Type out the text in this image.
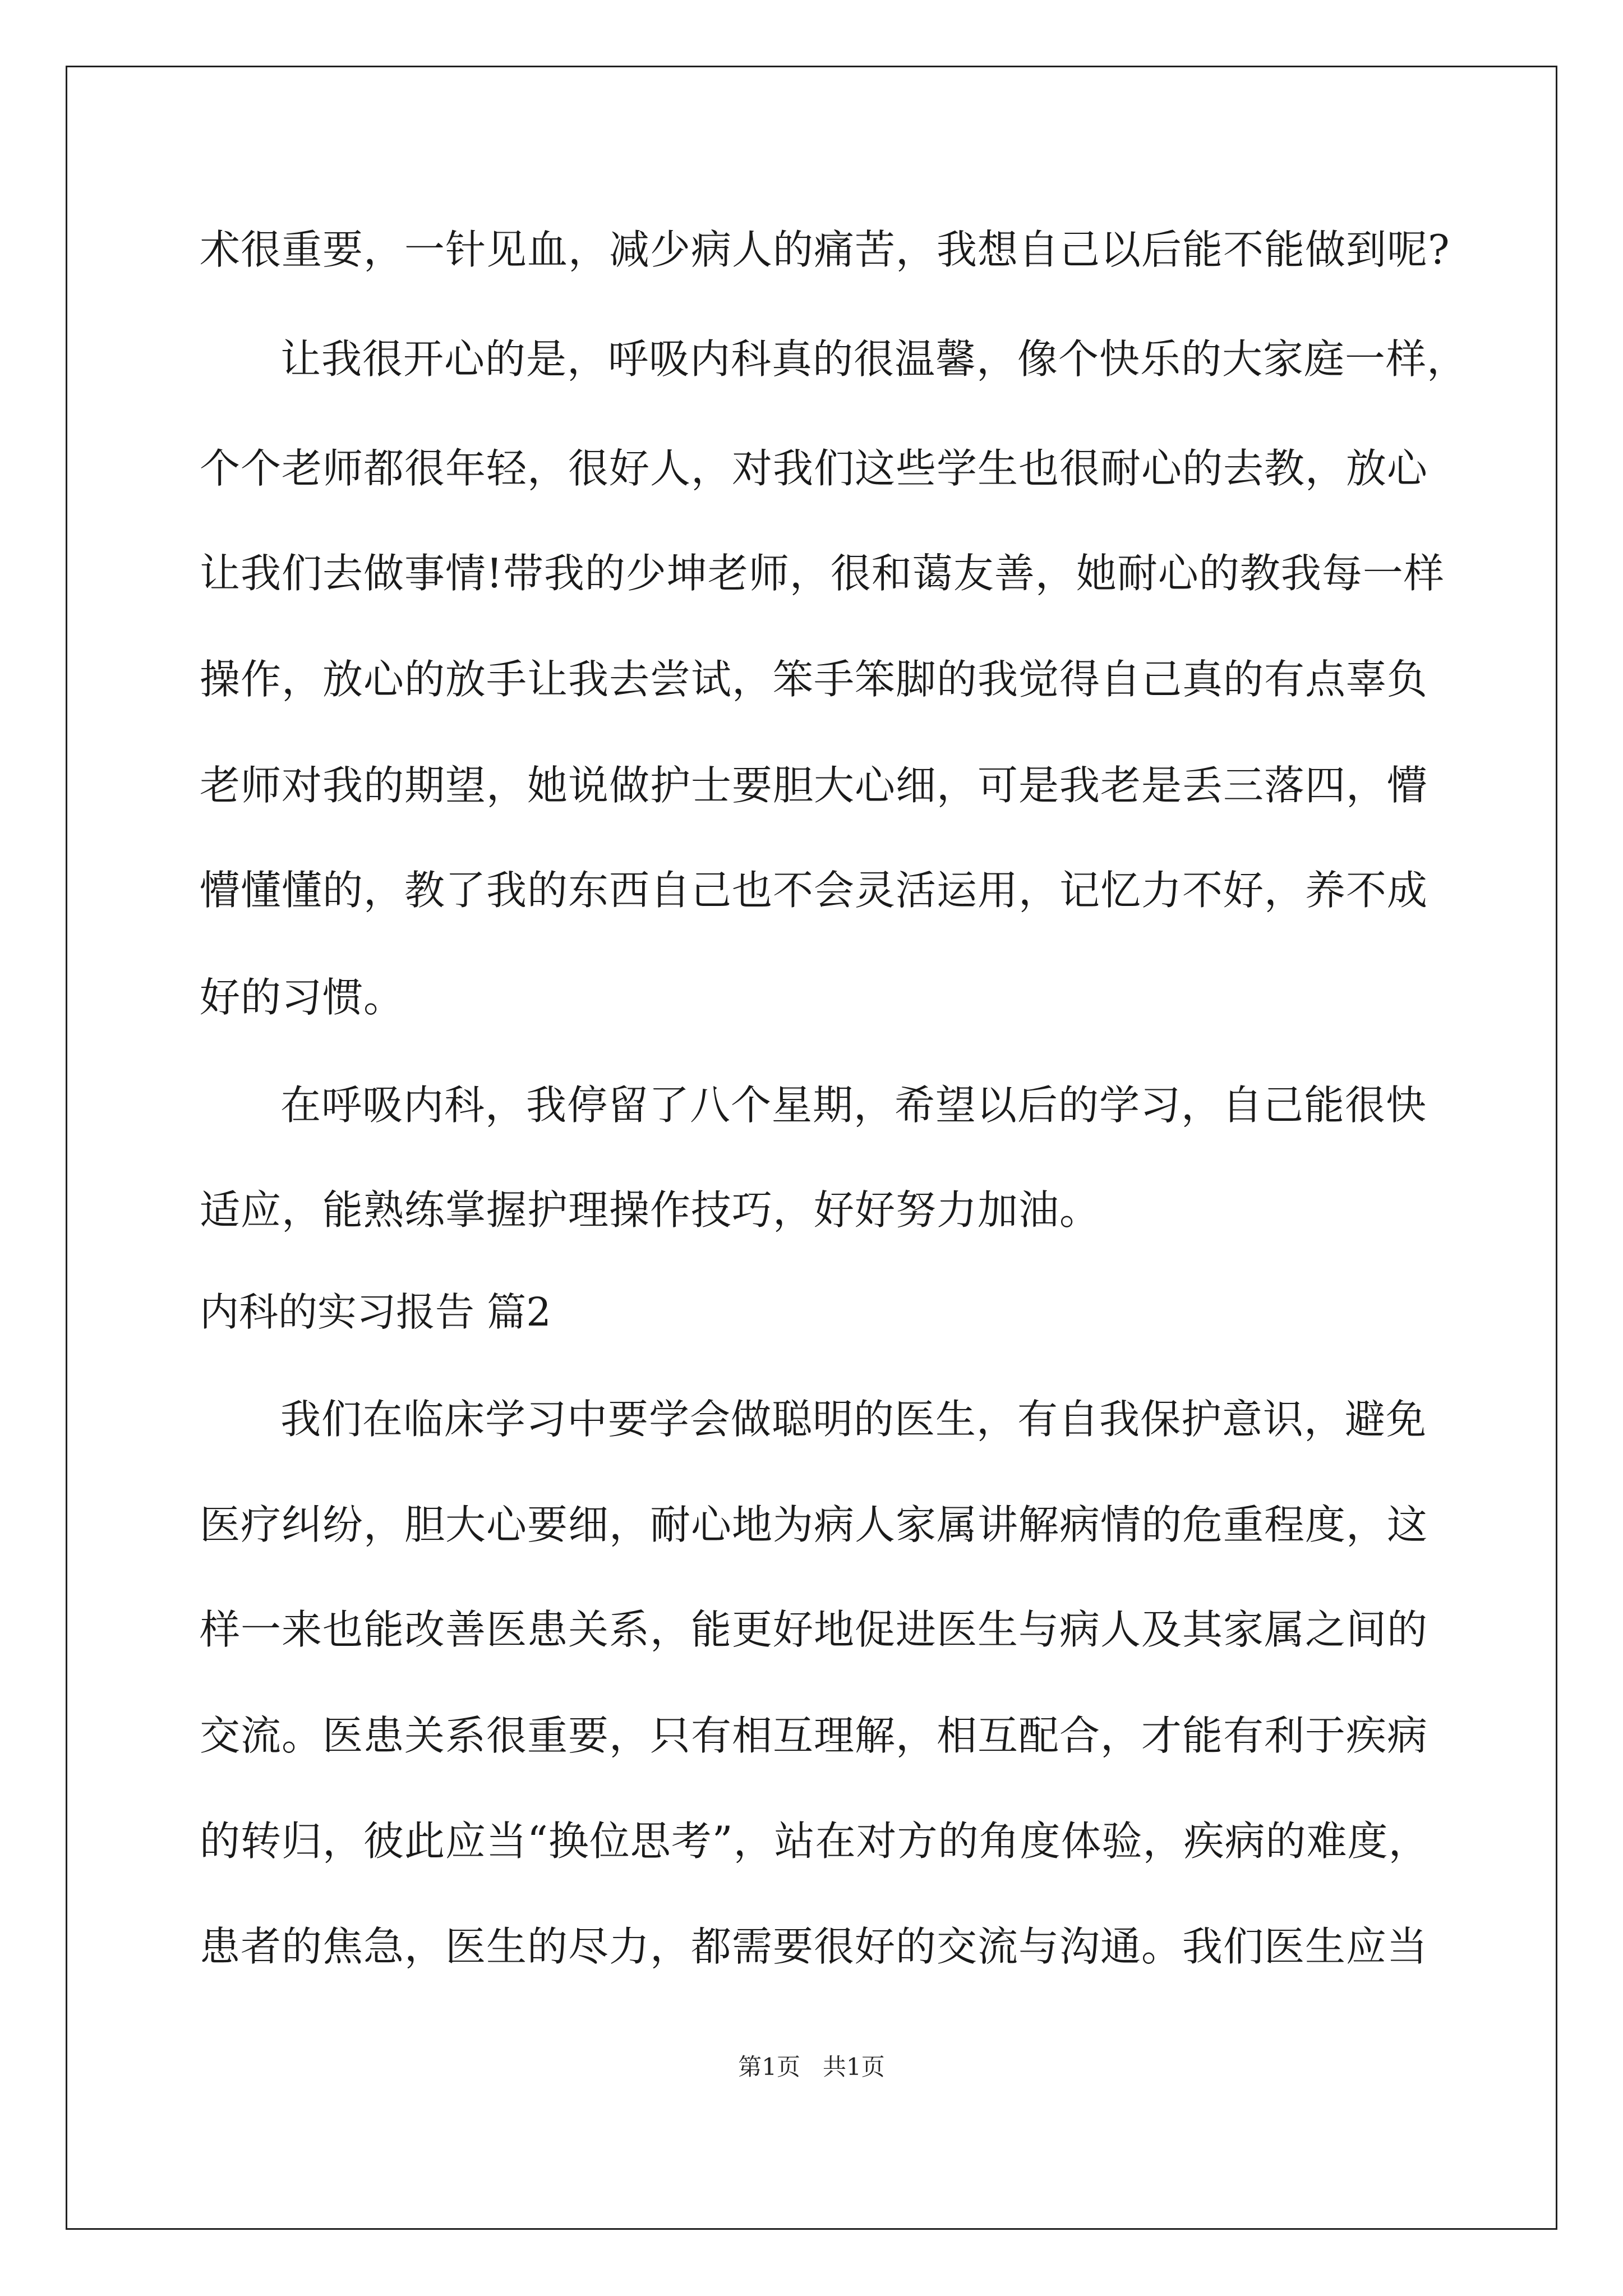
术很重要，一针见血，减少病人的痛苦，我想自己以后能不能做到呢?
让我很开心的是，呼吸内科真的很温馨，像个快乐的大家庭一样，
个个老师都很年轻，很好人，对我们这些学生也很耐心的去教，放心
让我们去做事情!带我的少坤老师，很和蔼友善，她耐心的教我每一样
操作，放心的放手让我去尝试，笨手笨脚的我觉得自己真的有点辜负
老师对我的期望，她说做护士要胆大心细，可是我老是丢三落四，懵
懵懂懂的，教了我的东西自己也不会灵活运用，记忆力不好，养不成
好的习惯。
在呼吸内科，我停留了八个星期，希望以后的学习，自己能很快
适应，能熟练掌握护理操作技巧，好好努力加油。
内科的实习报告 篇2
我们在临床学习中要学会做聪明的医生，有自我保护意识，避免
医疗纠纷，胆大心要细，耐心地为病人家属讲解病情的危重程度，这
样一来也能改善医患关系，能更好地促进医生与病人及其家属之间的
交流。医患关系很重要，只有相互理解，相互配合，才能有利于疾病
的转归，彼此应当“换位思考”，站在对方的角度体验，疾病的难度，
患者的焦急，医生的尽力，都需要很好的交流与沟通。我们医生应当
第1页   共1页
